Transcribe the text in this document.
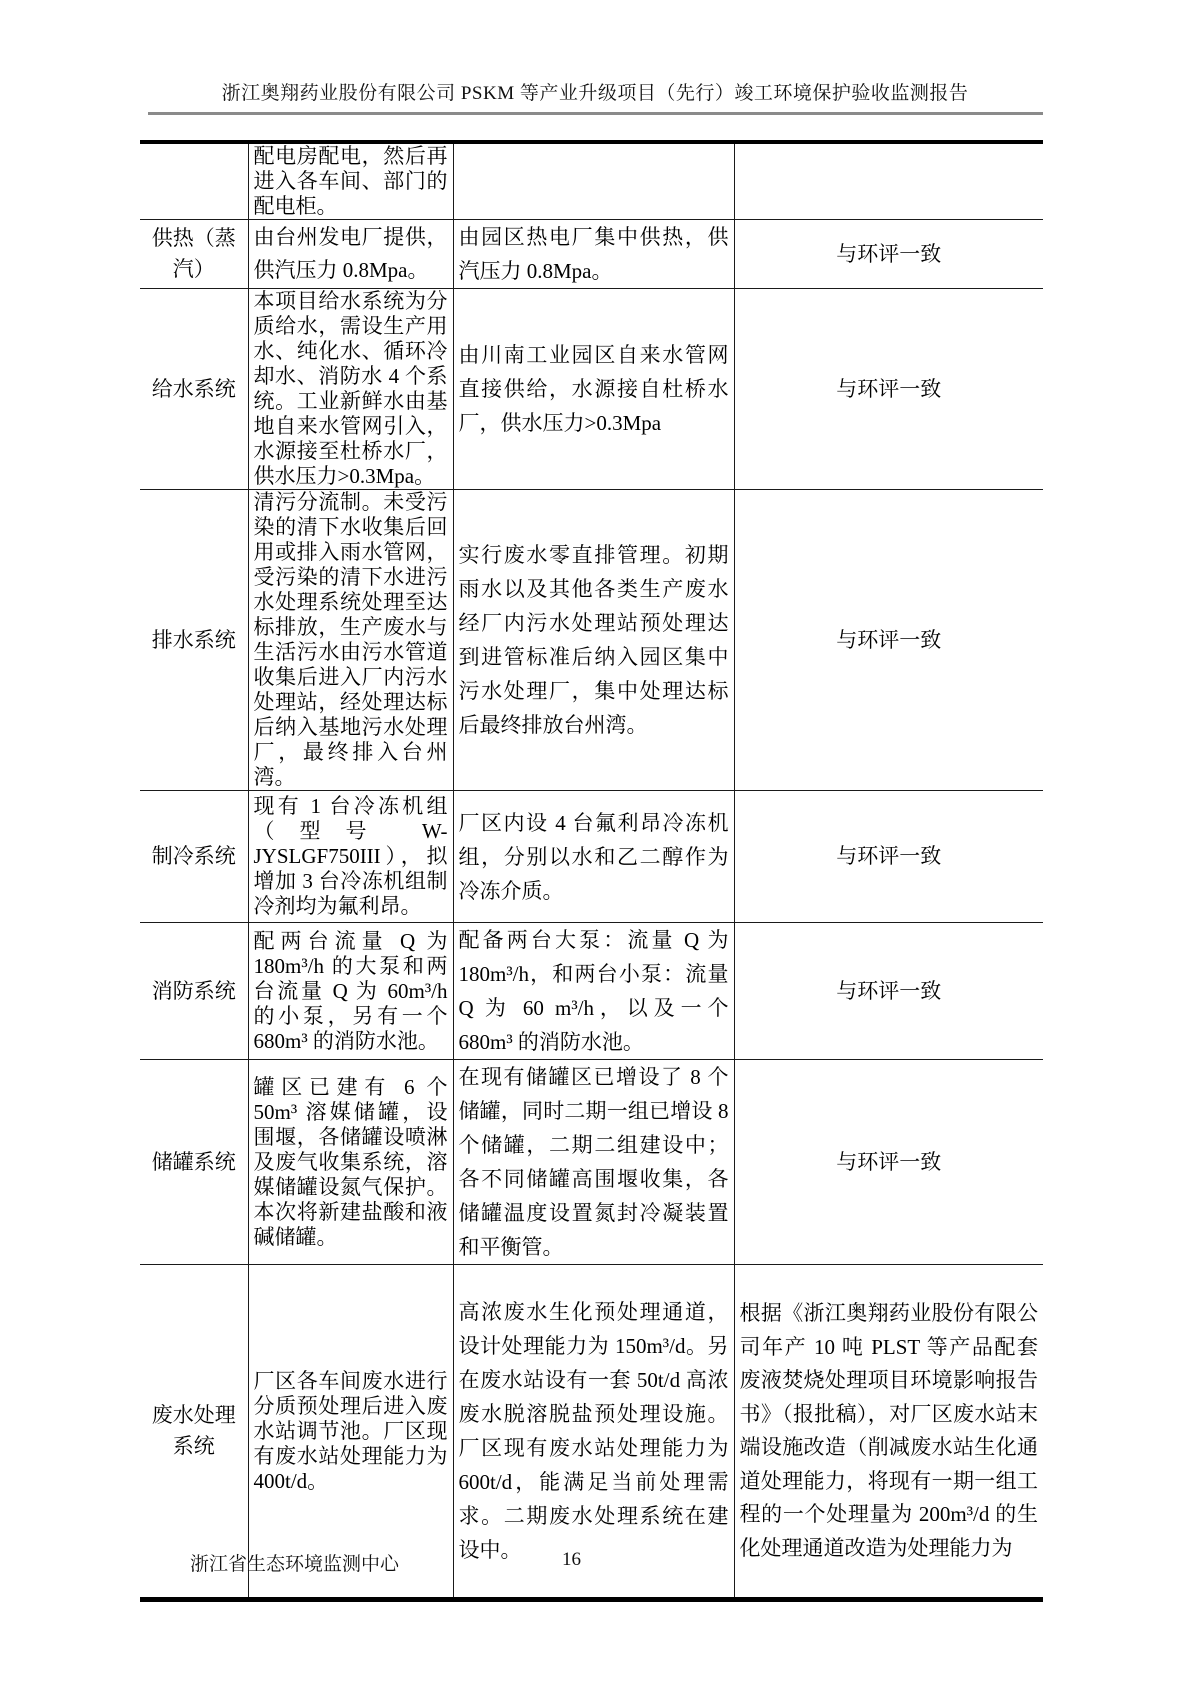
浙江奥翔药业股份有限公司 PSKM 等产业升级项目（先行）竣工环境保护验收监测报告
	配电房配电，然后再进入各车间、部门的配电柜。		
供热（蒸汽）	由台州发电厂提供，供汽压力 0.8Mpa。	由园区热电厂集中供热，供汽压力 0.8Mpa。	与环评一致
给水系统	本项目给水系统为分质给水，需设生产用水、纯化水、循环冷却水、消防水 4 个系统。工业新鲜水由基地自来水管网引入，水源接至杜桥水厂，供水压力>0.3Mpa。	由川南工业园区自来水管网直接供给，水源接自杜桥水厂，供水压力>0.3Mpa	与环评一致
排水系统	清污分流制。未受污染的清下水收集后回用或排入雨水管网，受污染的清下水进污水处理系统处理至达标排放，生产废水与生活污水由污水管道收集后进入厂内污水处理站，经处理达标后纳入基地污水处理厂，最终排入台州湾。	实行废水零直排管理。初期雨水以及其他各类生产废水经厂内污水处理站预处理达到进管标准后纳入园区集中污水处理厂，集中处理达标后最终排放台州湾。	与环评一致
制冷系统	现有 1 台冷冻机组（型号 W-JYSLGF750III），拟增加 3 台冷冻机组制冷剂均为氟利昂。	厂区内设 4 台氟利昂冷冻机组，分别以水和乙二醇作为冷冻介质。	与环评一致
消防系统	配两台流量 Q 为 180m³/h 的大泵和两台流量 Q 为 60m³/h 的小泵，另有一个 680m³ 的消防水池。	配备两台大泵：流量 Q 为 180m³/h，和两台小泵：流量 Q 为 60 m³/h，以及一个 680m³ 的消防水池。	与环评一致
储罐系统	罐区已建有 6 个 50m³ 溶媒储罐，设围堰，各储罐设喷淋及废气收集系统，溶媒储罐设氮气保护。本次将新建盐酸和液碱储罐。	在现有储罐区已增设了 8 个储罐，同时二期一组已增设 8 个储罐，二期二组建设中；各不同储罐高围堰收集，各储罐温度设置氮封冷凝装置和平衡管。	与环评一致
废水处理系统	厂区各车间废水进行分质预处理后进入废水站调节池。厂区现有废水站处理能力为 400t/d。	高浓废水生化预处理通道，设计处理能力为 150m³/d。另在废水站设有一套 50t/d 高浓废水脱溶脱盐预处理设施。厂区现有废水站处理能力为 600t/d，能满足当前处理需求。二期废水处理系统在建设中。	根据《浙江奥翔药业股份有限公司年产 10 吨 PLST 等产品配套废液焚烧处理项目环境影响报告书》（报批稿），对厂区废水站末端设施改造（削减废水站生化通道处理能力，将现有一期一组工程的一个处理量为 200m³/d 的生化处理通道改造为处理能力为
浙江省生态环境监测中心	16
